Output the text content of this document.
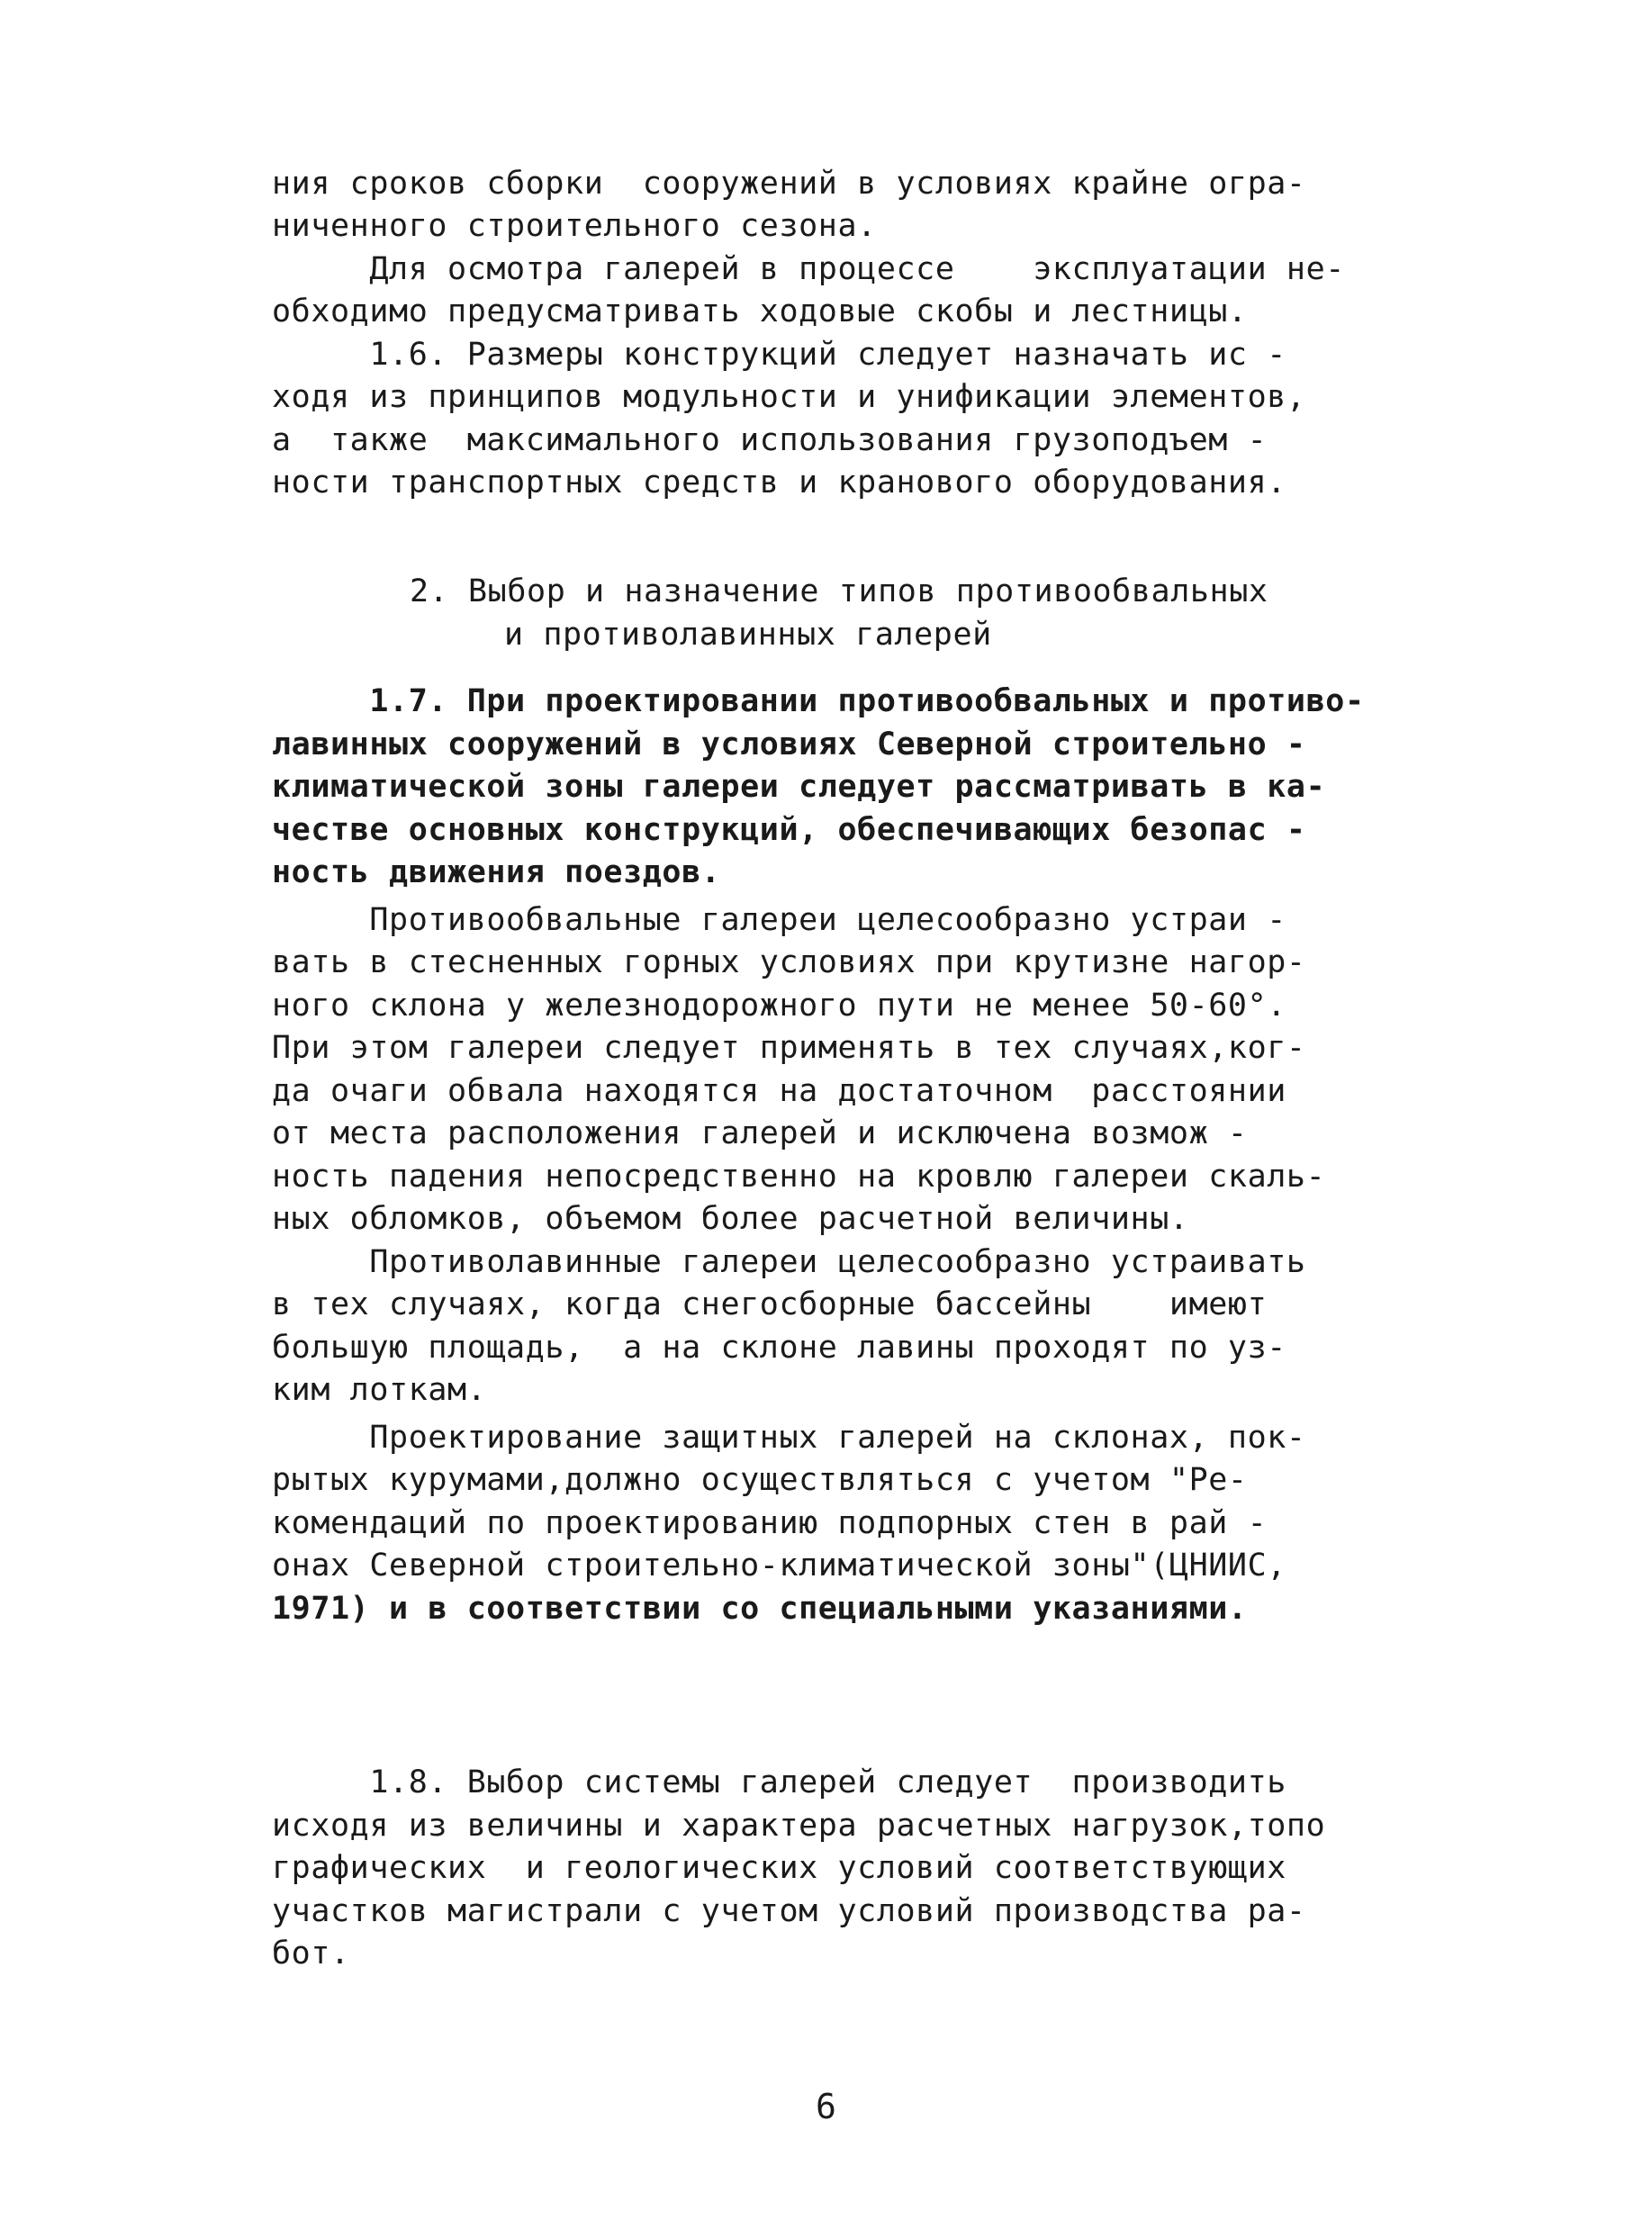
ния сроков сборки  сооружений в условиях крайне огра-
ниченного строительного сезона.
Для осмотра галерей в процессе    эксплуатации не-
обходимо предусматривать ходовые скобы и лестницы.
1.6. Размеры конструкций следует назначать ис -
ходя из принципов модульности и унификации элементов,
а  также  максимального использования грузоподъем -
ности транспортных средств и кранового оборудования.
2. Выбор и назначение типов противообвальных
и противолавинных галерей
1.7. При проектировании противообвальных и противо-
лавинных сооружений в условиях Северной строительно -
климатической зоны галереи следует рассматривать в ка-
честве основных конструкций, обеспечивающих безопас -
ность движения поездов.
Противообвальные галереи целесообразно устраи -
вать в стесненных горных условиях при крутизне нагор-
ного склона у железнодорожного пути не менее 50-60°.
При этом галереи следует применять в тех случаях,ког-
да очаги обвала находятся на достаточном  расстоянии
от места расположения галерей и исключена возмож -
ность падения непосредственно на кровлю галереи скаль-
ных обломков, объемом более расчетной величины.
Противолавинные галереи целесообразно устраивать
в тех случаях, когда снегосборные бассейны    имеют
большую площадь,  а на склоне лавины проходят по уз-
ким лоткам.
Проектирование защитных галерей на склонах, пок-
рытых курумами,должно осуществляться с учетом "Ре-
комендаций по проектированию подпорных стен в рай -
онах Северной строительно-климатической зоны"(ЦНИИС,
1971) и в соответствии со специальными указаниями.
1.8. Выбор системы галерей следует  производить
исходя из величины и характера расчетных нагрузок,топо
графических  и геологических условий соответствующих
участков магистрали с учетом условий производства ра-
бот.
6
